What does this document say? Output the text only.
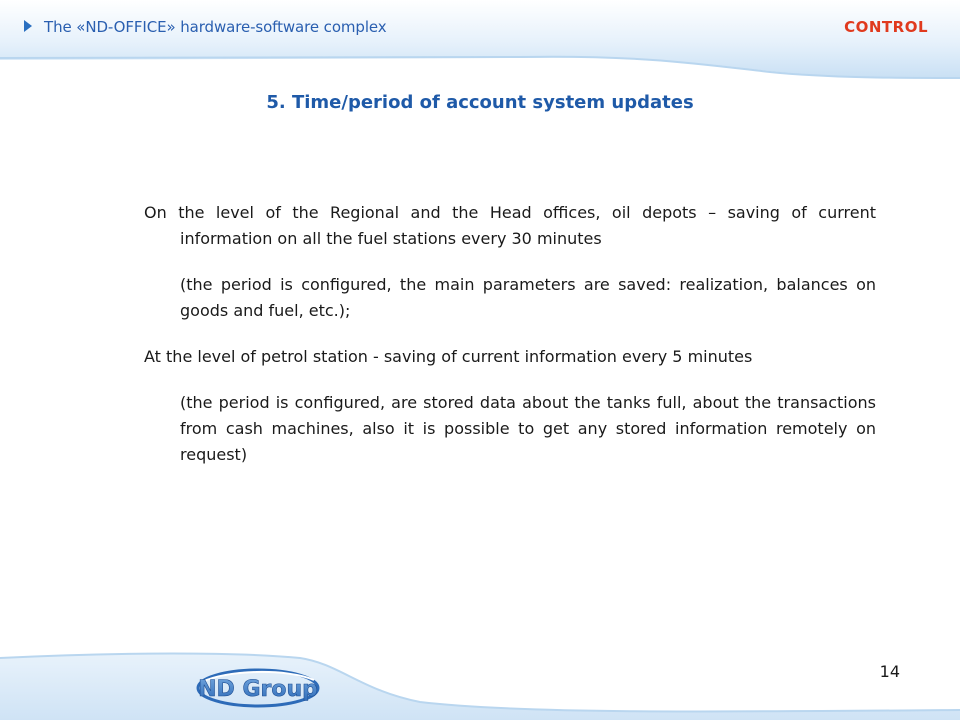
The «ND-OFFICE» hardware-software complex	CONTROL
5. Time/period of account system updates

On the level of the Regional and the Head offices, oil depots – saving of current information on all the fuel stations every 30 minutes

(the period is configured, the main parameters are saved: realization, balances on goods and fuel, etc.);

At the level of petrol station - saving of current information every 5 minutes

(the period is configured, are stored data about the tanks full, about the transactions from cash machines, also it is possible to get any stored information remotely on request)

ND Group
14
